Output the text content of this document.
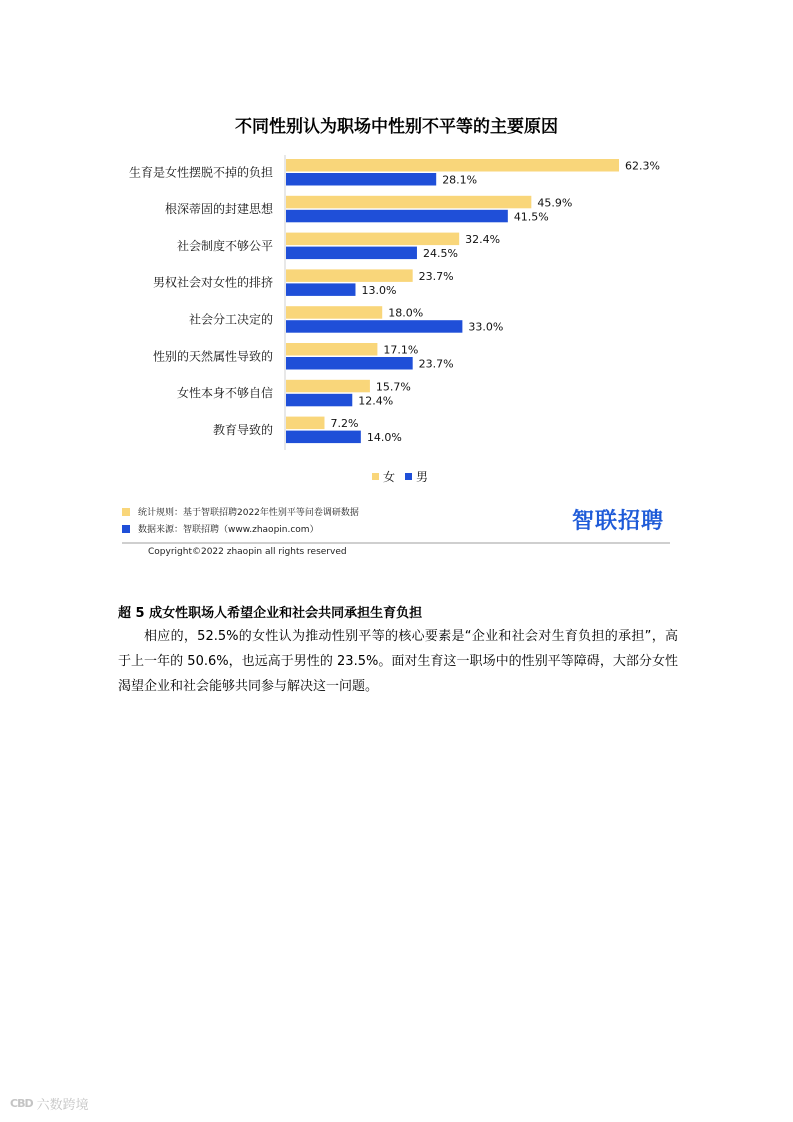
不同性别认为职场中性别不平等的主要原因
生育是女性摆脱不掉的负担	62.3%
28.1%
根深蒂固的封建思想	45.9%
41.5%
社会制度不够公平	32.4%
24.5%
男权社会对女性的排挤	23.7%
13.0%
社会分工决定的	18.0%
33.0%
性别的天然属性导致的	17.1%
23.7%
女性本身不够自信	15.7%
12.4%
教育导致的	7.2%
14.0%
女 男
统计规则：基于智联招聘2022年性别平等问卷调研数据
数据来源：智联招聘（www.zhaopin.com）	智联招聘
Copyright©2022 zhaopin all rights reserved
超 5 成女性职场人希望企业和社会共同承担生育负担
相应的，52.5%的女性认为推动性别平等的核心要素是“企业和社会对生育负担的承担”，高于上一年的 50.6%，也远高于男性的 23.5%。面对生育这一职场中的性别平等障碍，大部分女性渴望企业和社会能够共同参与解决这一问题。
CBD 六数跨境
